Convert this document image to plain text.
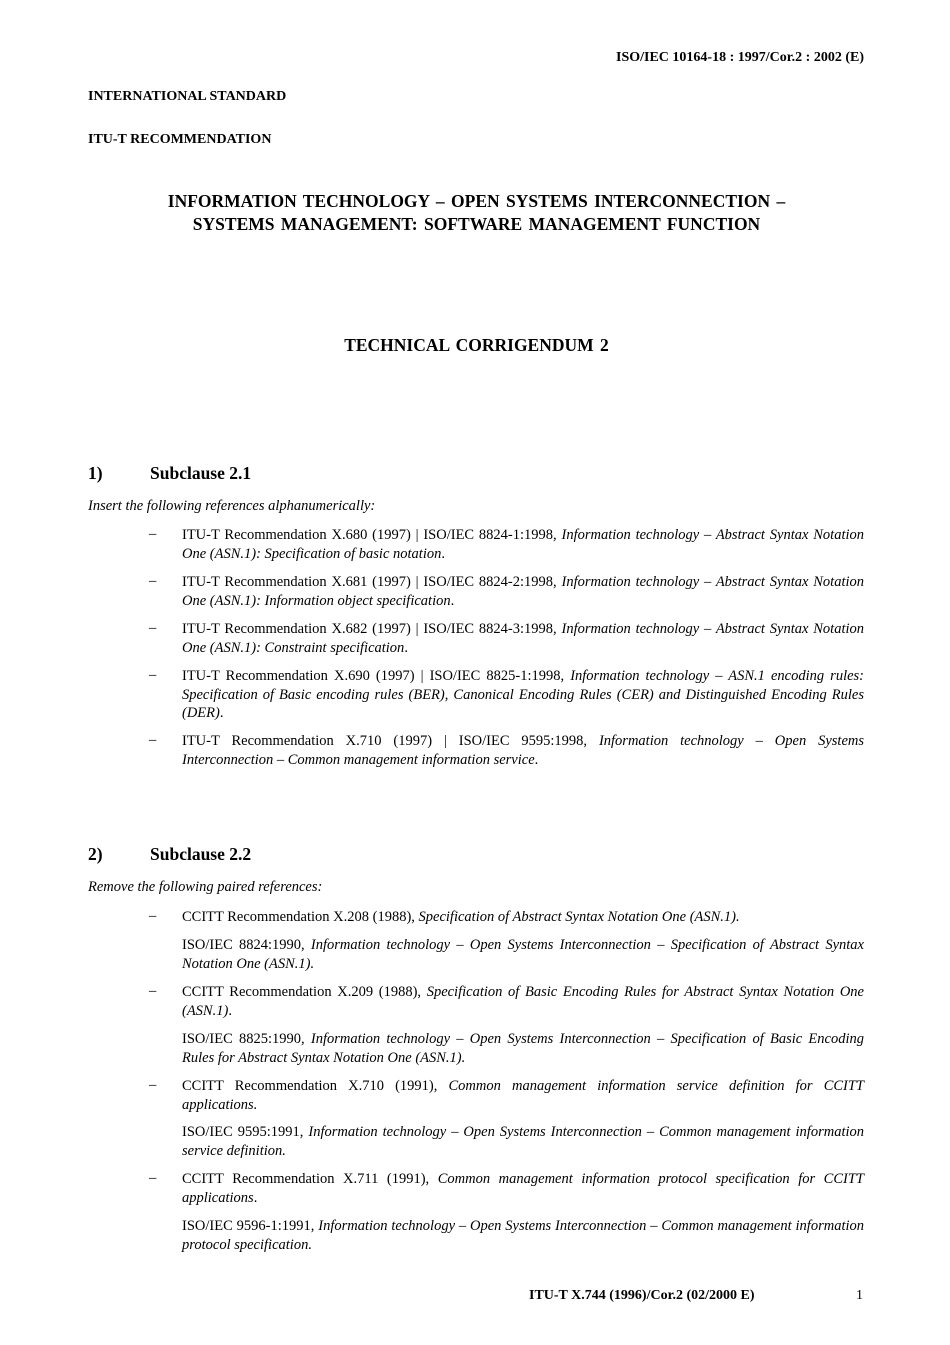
ISO/IEC 10164-18 : 1997/Cor.2 : 2002 (E)
INTERNATIONAL STANDARD
ITU-T RECOMMENDATION
INFORMATION TECHNOLOGY – OPEN SYSTEMS INTERCONNECTION –
SYSTEMS MANAGEMENT: SOFTWARE MANAGEMENT FUNCTION
TECHNICAL CORRIGENDUM 2
1)	Subclause 2.1
Insert the following references alphanumerically:
– ITU-T Recommendation X.680 (1997) | ISO/IEC 8824-1:1998, Information technology – Abstract Syntax Notation One (ASN.1): Specification of basic notation.
– ITU-T Recommendation X.681 (1997) | ISO/IEC 8824-2:1998, Information technology – Abstract Syntax Notation One (ASN.1): Information object specification.
– ITU-T Recommendation X.682 (1997) | ISO/IEC 8824-3:1998, Information technology – Abstract Syntax Notation One (ASN.1): Constraint specification.
– ITU-T Recommendation X.690 (1997) | ISO/IEC 8825-1:1998, Information technology – ASN.1 encoding rules: Specification of Basic encoding rules (BER), Canonical Encoding Rules (CER) and Distinguished Encoding Rules (DER).
– ITU-T Recommendation X.710 (1997) | ISO/IEC 9595:1998, Information technology – Open Systems Interconnection – Common management information service.
2)	Subclause 2.2
Remove the following paired references:
– CCITT Recommendation X.208 (1988), Specification of Abstract Syntax Notation One (ASN.1).
ISO/IEC 8824:1990, Information technology – Open Systems Interconnection – Specification of Abstract Syntax Notation One (ASN.1).
– CCITT Recommendation X.209 (1988), Specification of Basic Encoding Rules for Abstract Syntax Notation One (ASN.1).
ISO/IEC 8825:1990, Information technology – Open Systems Interconnection – Specification of Basic Encoding Rules for Abstract Syntax Notation One (ASN.1).
– CCITT Recommendation X.710 (1991), Common management information service definition for CCITT applications.
ISO/IEC 9595:1991, Information technology – Open Systems Interconnection – Common management information service definition.
– CCITT Recommendation X.711 (1991), Common management information protocol specification for CCITT applications.
ISO/IEC 9596-1:1991, Information technology – Open Systems Interconnection – Common management information protocol specification.
ITU-T X.744 (1996)/Cor.2 (02/2000 E)	1
